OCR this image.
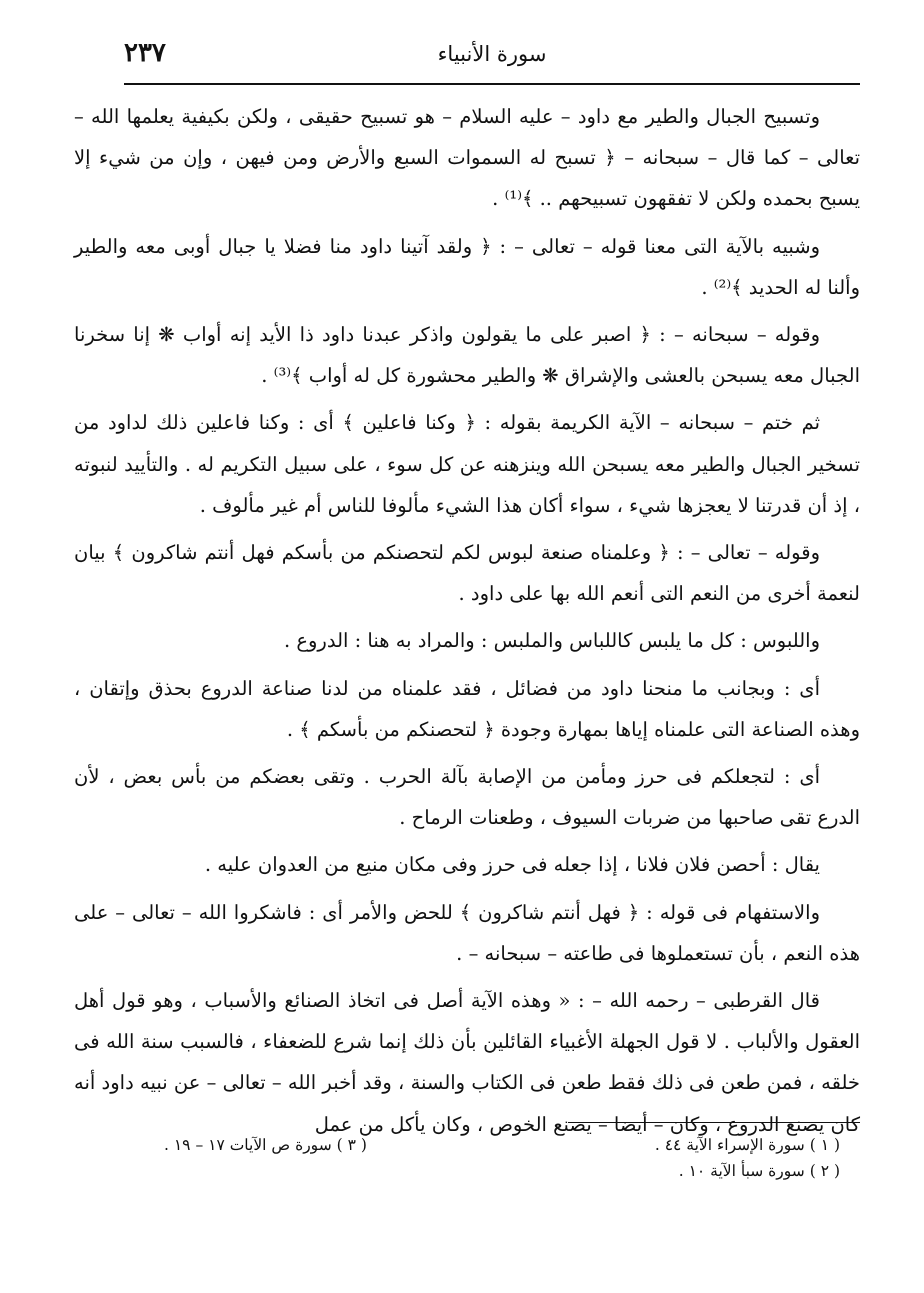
٢٣٧	سورة الأنبياء

وتسبيح الجبال والطير مع داود – عليه السلام – هو تسبيح حقيقى ، ولكن بكيفية يعلمها الله – تعالى – كما قال – سبحانه – ﴿ تسبح له السموات السبع والأرض ومن فيهن ، وإن من شيء إلا يسبح بحمده ولكن لا تفقهون تسبيحهم .. ﴾⁽¹⁾ .

وشبيه بالآية التى معنا قوله – تعالى – : ﴿ ولقد آتينا داود منا فضلا يا جبال أوبى معه والطير وألنا له الحديد ﴾⁽²⁾ .

وقوله – سبحانه – : ﴿ اصبر على ما يقولون واذكر عبدنا داود ذا الأيد إنه أواب ❋ إنا سخرنا الجبال معه يسبحن بالعشى والإشراق ❋ والطير محشورة كل له أواب ﴾⁽³⁾ .

ثم ختم – سبحانه – الآية الكريمة بقوله : ﴿ وكنا فاعلين ﴾ أى : وكنا فاعلين ذلك لداود من تسخير الجبال والطير معه يسبحن الله وينزهنه عن كل سوء ، على سبيل التكريم له . والتأييد لنبوته ، إذ أن قدرتنا لا يعجزها شيء ، سواء أكان هذا الشيء مألوفا للناس أم غير مألوف .

وقوله – تعالى – : ﴿ وعلمناه صنعة لبوس لكم لتحصنكم من بأسكم فهل أنتم شاكرون ﴾ بيان لنعمة أخرى من النعم التى أنعم الله بها على داود .

واللبوس : كل ما يلبس كاللباس والملبس : والمراد به هنا : الدروع .

أى : وبجانب ما منحنا داود من فضائل ، فقد علمناه من لدنا صناعة الدروع بحذق وإتقان ، وهذه الصناعة التى علمناه إياها بمهارة وجودة ﴿ لتحصنكم من بأسكم ﴾ .

أى : لتجعلكم فى حرز ومأمن من الإصابة بآلة الحرب . وتقى بعضكم من بأس بعض ، لأن الدرع تقى صاحبها من ضربات السيوف ، وطعنات الرماح .

يقال : أحصن فلان فلانا ، إذا جعله فى حرز وفى مكان منيع من العدوان عليه .

والاستفهام فى قوله : ﴿ فهل أنتم شاكرون ﴾ للحض والأمر أى : فاشكروا الله – تعالى – على هذه النعم ، بأن تستعملوها فى طاعته – سبحانه – .

قال القرطبى – رحمه الله – : « وهذه الآية أصل فى اتخاذ الصنائع والأسباب ، وهو قول أهل العقول والألباب . لا قول الجهلة الأغبياء القائلين بأن ذلك إنما شرع للضعفاء ، فالسبب سنة الله فى خلقه ، فمن طعن فى ذلك فقط طعن فى الكتاب والسنة ، وقد أخبر الله – تعالى – عن نبيه داود أنه كان يصنع الدروع ، وكان – أيضا – يصنع الخوص ، وكان يأكل من عمل

( ١ ) سورة الإسراء الآية ٤٤ .
( ٢ ) سورة سبأ الآية ١٠ .
( ٣ ) سورة ص الآيات ١٧ – ١٩ .
